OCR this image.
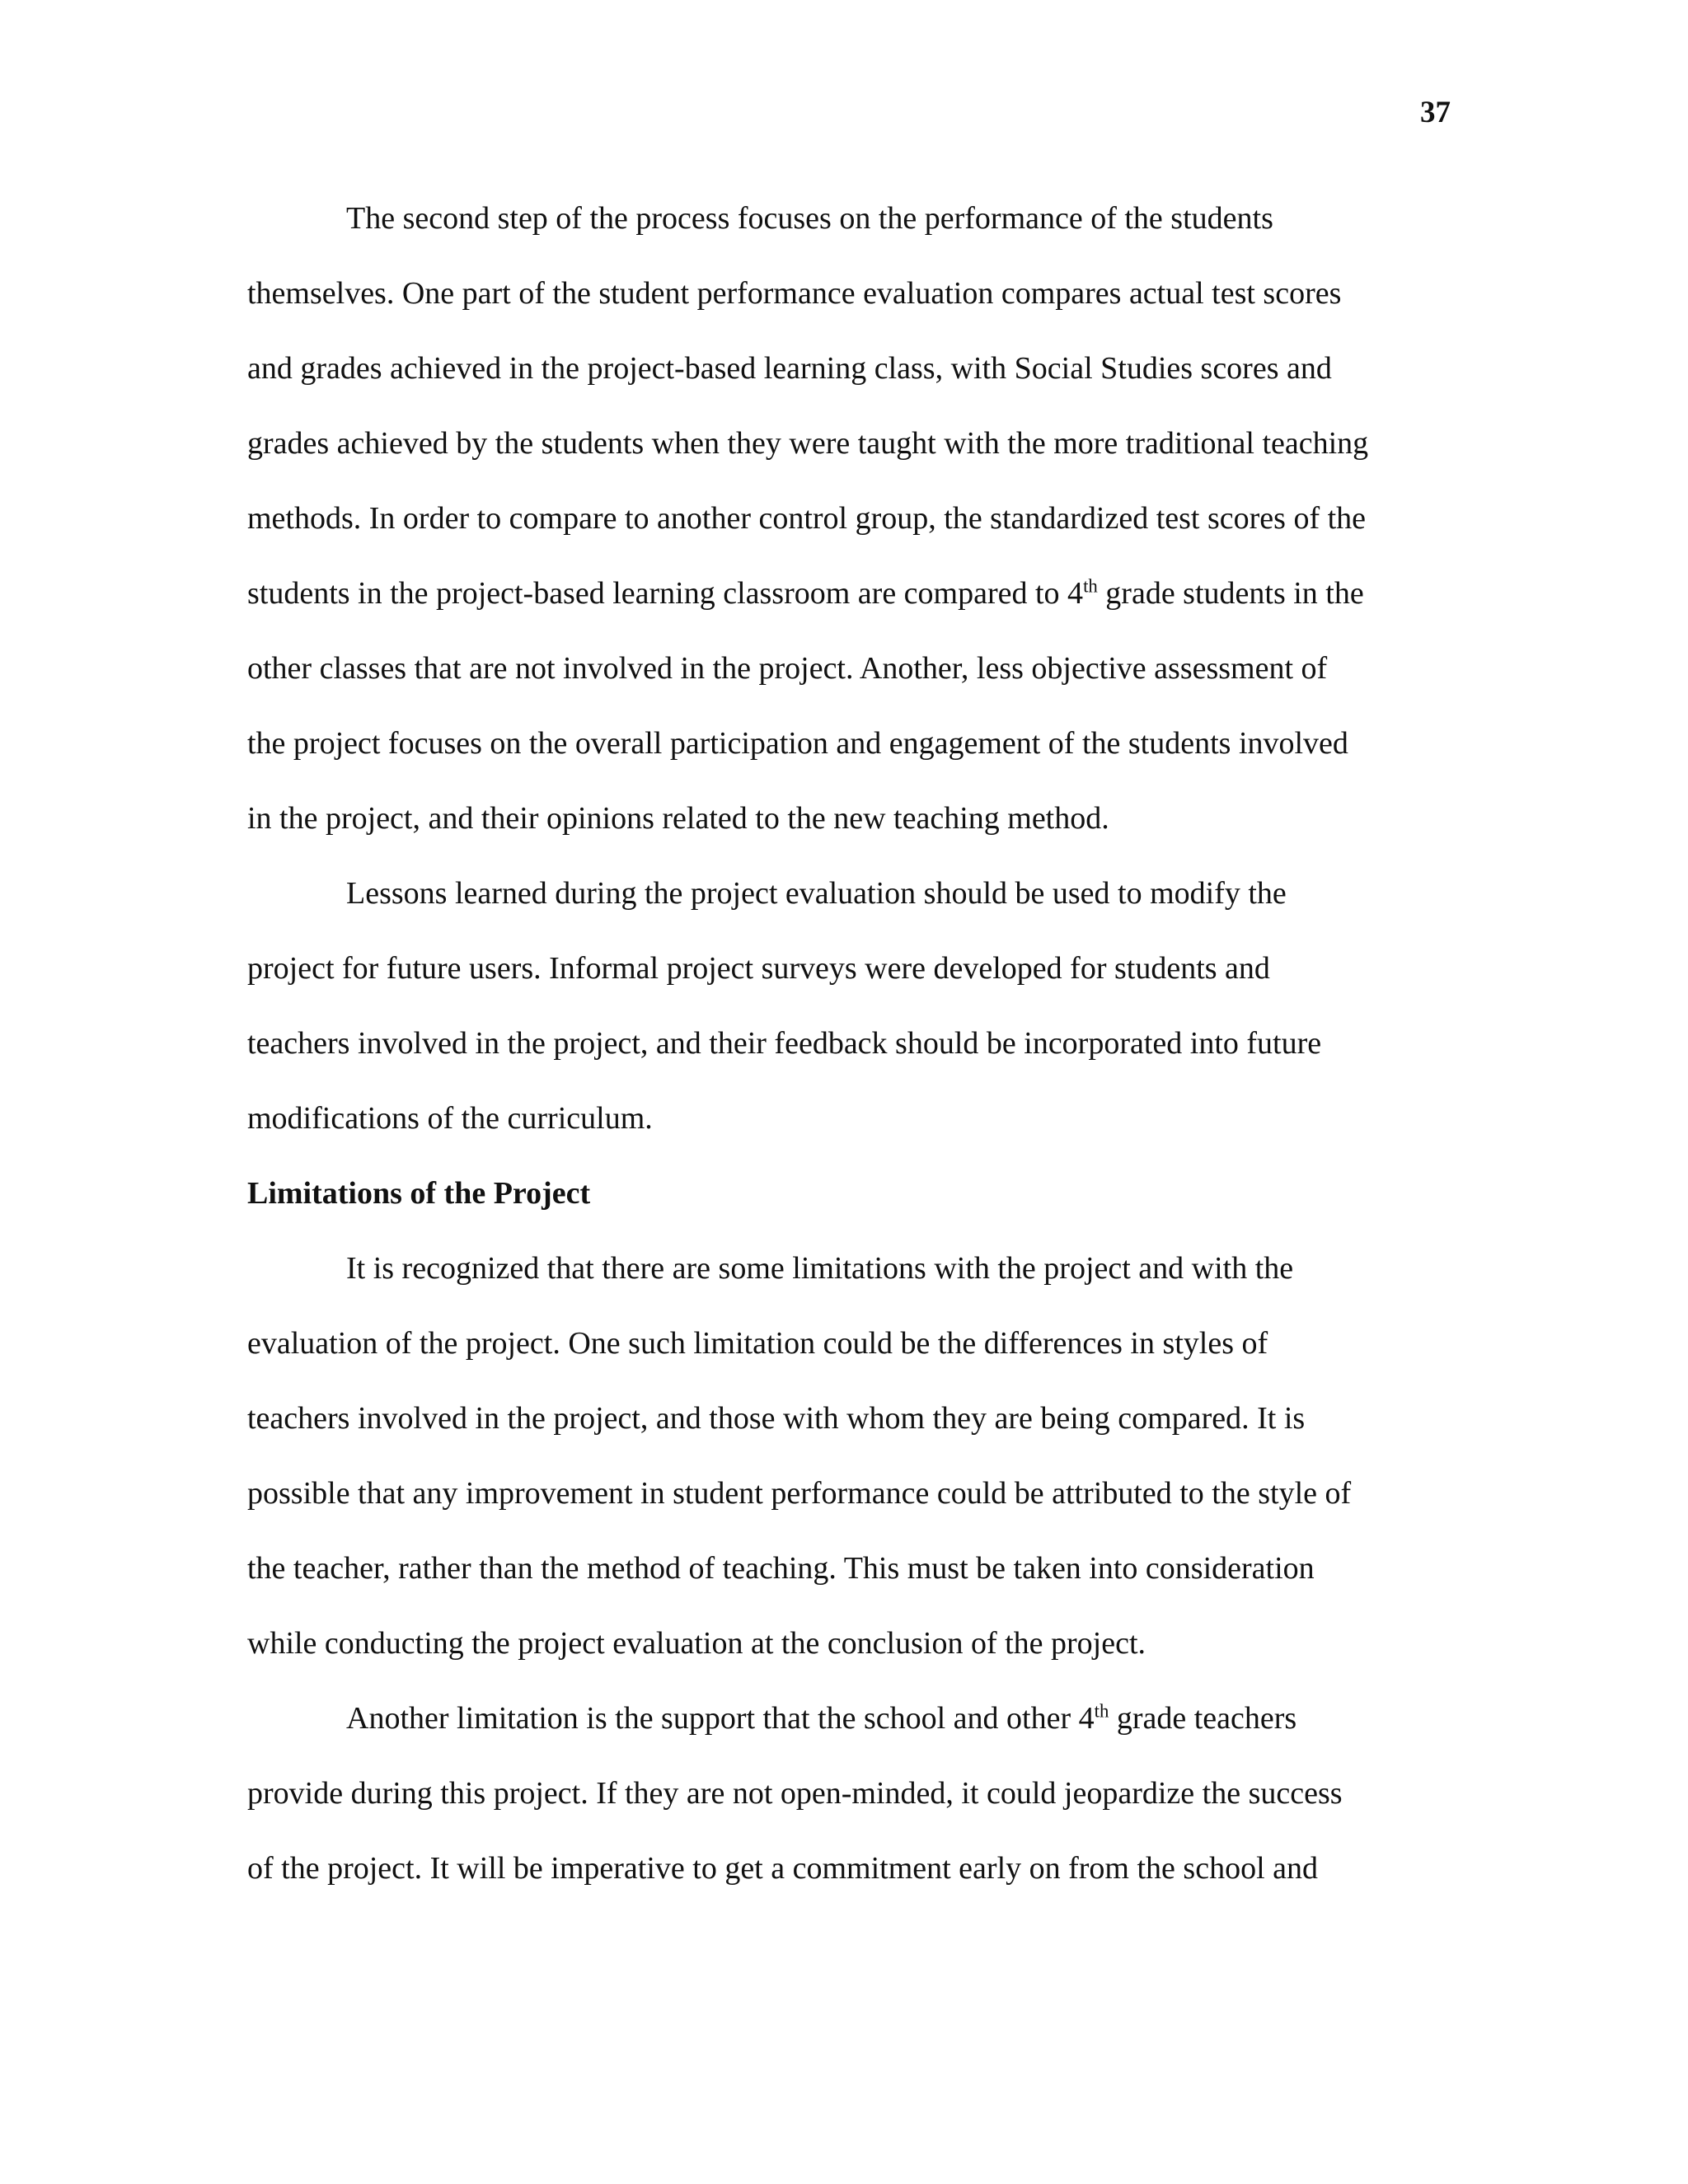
37
The second step of the process focuses on the performance of the students
themselves. One part of the student performance evaluation compares actual test scores
and grades achieved in the project-based learning class, with Social Studies scores and
grades achieved by the students when they were taught with the more traditional teaching
methods. In order to compare to another control group, the standardized test scores of the
students in the project-based learning classroom are compared to 4th grade students in the
other classes that are not involved in the project. Another, less objective assessment of
the project focuses on the overall participation and engagement of the students involved
in the project, and their opinions related to the new teaching method.
Lessons learned during the project evaluation should be used to modify the
project for future users. Informal project surveys were developed for students and
teachers involved in the project, and their feedback should be incorporated into future
modifications of the curriculum.
Limitations of the Project
It is recognized that there are some limitations with the project and with the
evaluation of the project. One such limitation could be the differences in styles of
teachers involved in the project, and those with whom they are being compared. It is
possible that any improvement in student performance could be attributed to the style of
the teacher, rather than the method of teaching. This must be taken into consideration
while conducting the project evaluation at the conclusion of the project.
Another limitation is the support that the school and other 4th grade teachers
provide during this project. If they are not open-minded, it could jeopardize the success
of the project. It will be imperative to get a commitment early on from the school and
